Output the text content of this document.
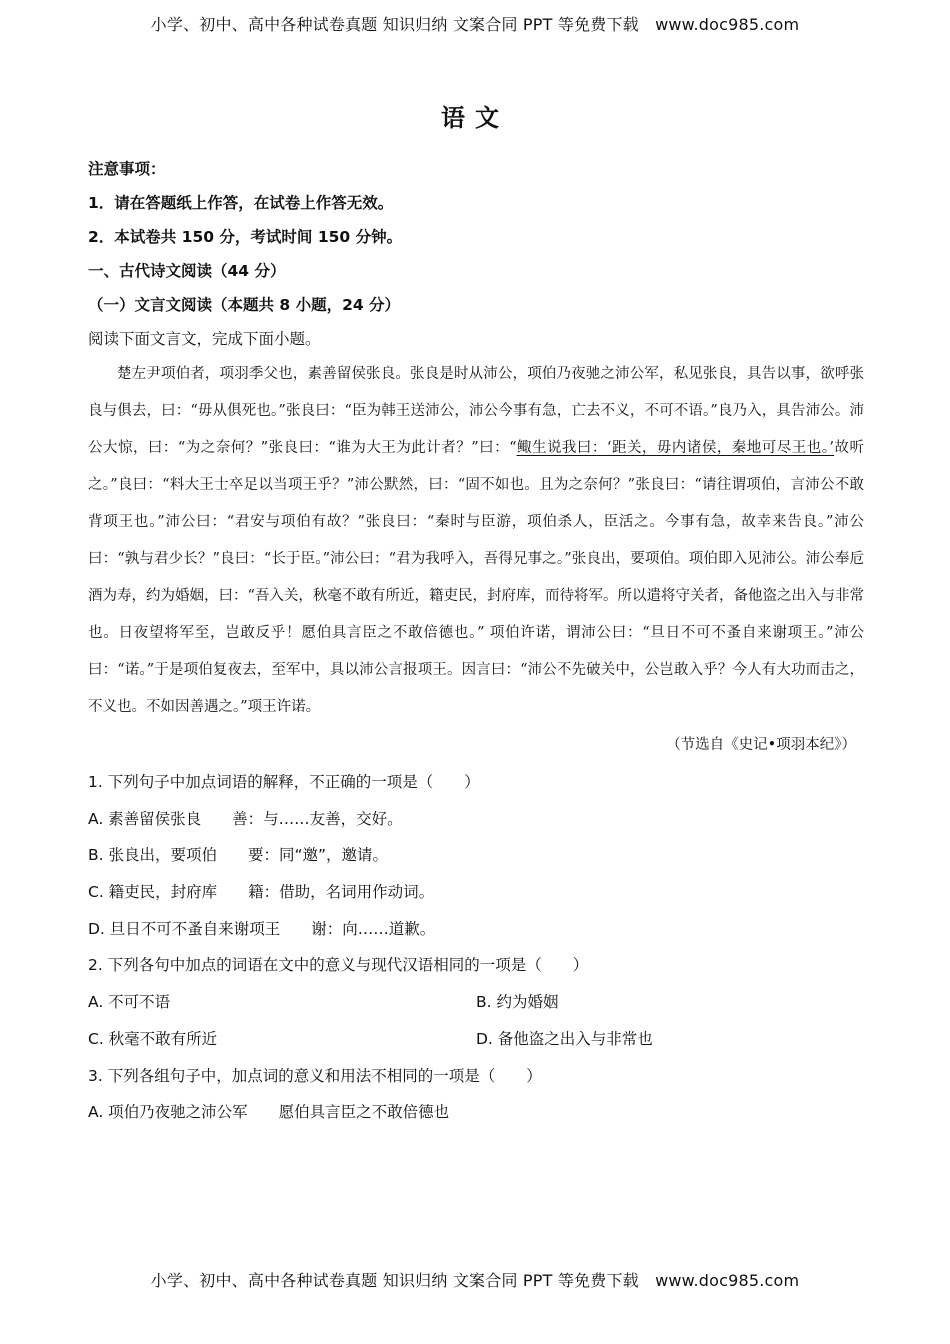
小学、初中、高中各种试卷真题 知识归纳 文案合同 PPT 等免费下载　www.doc985.com
语文
注意事项：
1．请在答题纸上作答，在试卷上作答无效。
2．本试卷共 150 分，考试时间 150 分钟。
一、古代诗文阅读（44 分）
（一）文言文阅读（本题共 8 小题，24 分）
阅读下面文言文，完成下面小题。

楚左尹项伯者，项羽季父也，素善留侯张良。张良是时从沛公，项伯乃夜驰之沛公军，私见张良，具告以事，欲呼张良与俱去，曰：“毋从俱死也。”张良曰：“臣为韩王送沛公，沛公今事有急，亡去不义，不可不语。”良乃入，具告沛公。沛公大惊，曰：“为之奈何？”张良曰：“谁为大王为此计者？”曰：“鲰生说我曰：‘距关，毋内诸侯，秦地可尽王也。’故听之。”良曰：“料大王士卒足以当项王乎？”沛公默然，曰：“固不如也。且为之奈何？”张良曰：“请往谓项伯，言沛公不敢背项王也。”沛公曰：“君安与项伯有故？”张良曰：“秦时与臣游，项伯杀人，臣活之。今事有急，故幸来告良。”沛公曰：“孰与君少长？”良曰：“长于臣。”沛公曰：“君为我呼入，吾得兄事之。”张良出，要项伯。项伯即入见沛公。沛公奉卮酒为寿，约为婚姻，曰：“吾入关，秋毫不敢有所近，籍吏民，封府库，而待将军。所以遣将守关者，备他盗之出入与非常也。日夜望将军至，岂敢反乎！愿伯具言臣之不敢倍德也。” 项伯许诺，谓沛公曰：“旦日不可不蚤自来谢项王。”沛公曰：“诺。”于是项伯复夜去，至军中，具以沛公言报项王。因言曰：“沛公不先破关中，公岂敢入乎？今人有大功而击之，不义也。不如因善遇之。”项王许诺。

（节选自《史记•项羽本纪》）
1. 下列句子中加点词语的解释，不正确的一项是（　　）
A. 素善留侯张良　　善：与……友善，交好。
B. 张良出，要项伯　　要：同“邀”，邀请。
C. 籍吏民，封府库　　籍：借助，名词用作动词。
D. 旦日不可不蚤自来谢项王　　谢：向……道歉。
2. 下列各句中加点的词语在文中的意义与现代汉语相同的一项是（　　）
A. 不可不语	B. 约为婚姻
C. 秋毫不敢有所近	D. 备他盗之出入与非常也
3. 下列各组句子中，加点词的意义和用法不相同的一项是（　　）
A. 项伯乃夜驰之沛公军　　愿伯具言臣之不敢倍德也
小学、初中、高中各种试卷真题 知识归纳 文案合同 PPT 等免费下载　www.doc985.com
